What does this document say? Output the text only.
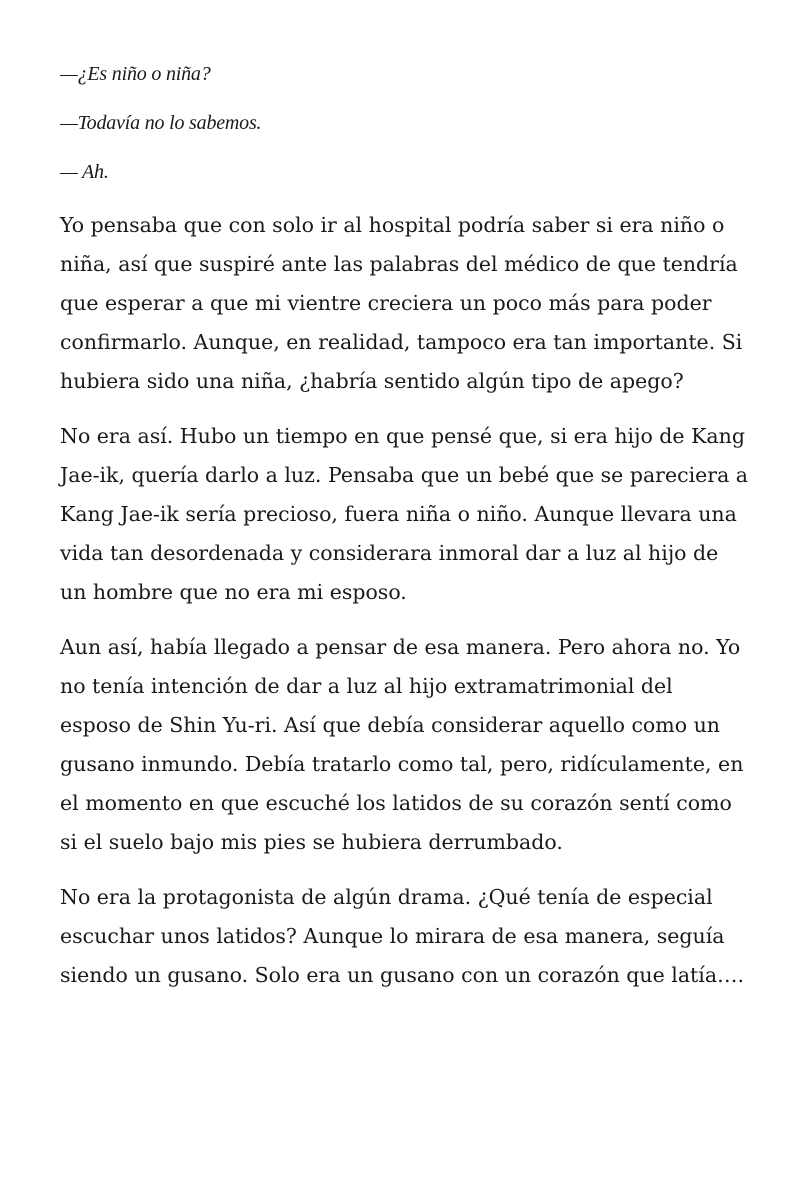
—¿Es niño o niña?

—Todavía no lo sabemos.

— Ah.

Yo pensaba que con solo ir al hospital podría saber si era niño o niña, así que suspiré ante las palabras del médico de que tendría que esperar a que mi vientre creciera un poco más para poder confirmarlo. Aunque, en realidad, tampoco era tan importante. Si hubiera sido una niña, ¿habría sentido algún tipo de apego?

No era así. Hubo un tiempo en que pensé que, si era hijo de Kang Jae-ik, quería darlo a luz. Pensaba que un bebé que se pareciera a Kang Jae-ik sería precioso, fuera niña o niño. Aunque llevara una vida tan desordenada y considerara inmoral dar a luz al hijo de un hombre que no era mi esposo.

Aun así, había llegado a pensar de esa manera. Pero ahora no. Yo no tenía intención de dar a luz al hijo extramatrimonial del esposo de Shin Yu-ri. Así que debía considerar aquello como un gusano inmundo. Debía tratarlo como tal, pero, ridículamente, en el momento en que escuché los latidos de su corazón sentí como si el suelo bajo mis pies se hubiera derrumbado.

No era la protagonista de algún drama. ¿Qué tenía de especial escuchar unos latidos? Aunque lo mirara de esa manera, seguía siendo un gusano. Solo era un gusano con un corazón que latía….
